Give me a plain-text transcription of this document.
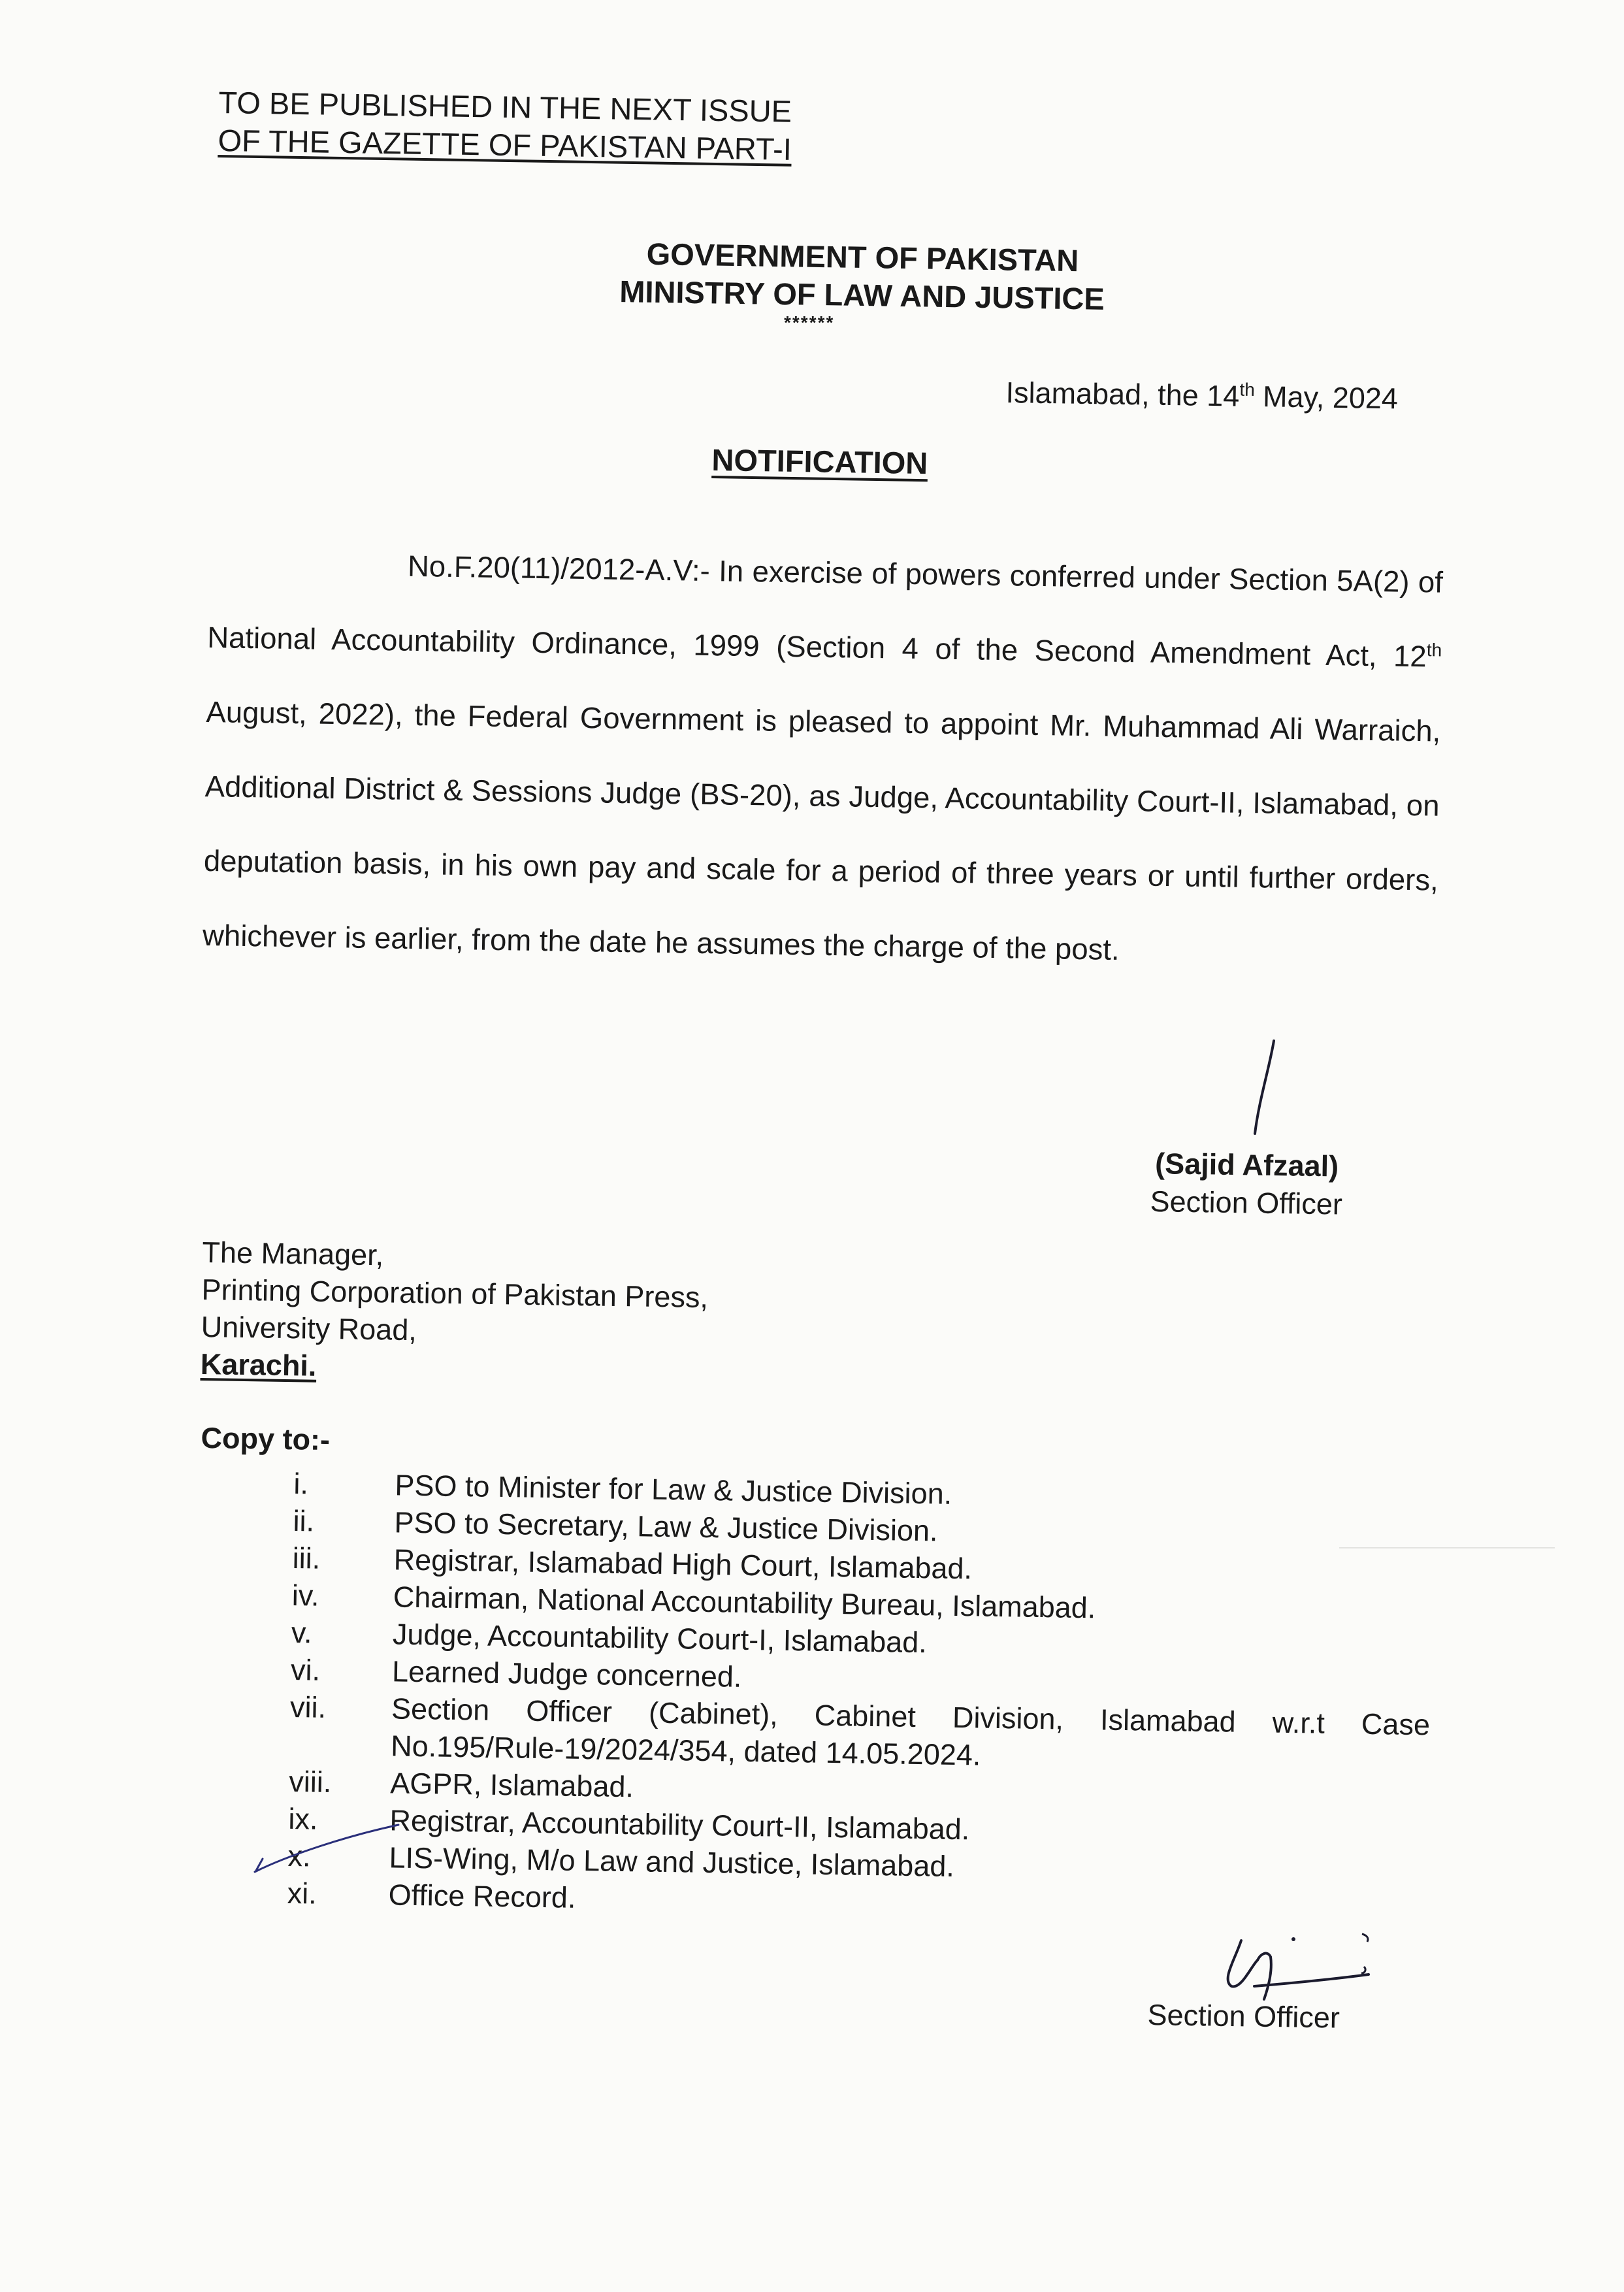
TO BE PUBLISHED IN THE NEXT ISSUE
OF THE GAZETTE OF PAKISTAN PART-I
GOVERNMENT OF PAKISTAN
MINISTRY OF LAW AND JUSTICE
******
Islamabad, the 14th May, 2024
NOTIFICATION
No.F.20(11)/2012-A.V:- In exercise of powers conferred under Section 5A(2) of National Accountability Ordinance, 1999 (Section 4 of the Second Amendment Act, 12th August, 2022), the Federal Government is pleased to appoint Mr. Muhammad Ali Warraich, Additional District & Sessions Judge (BS-20), as Judge, Accountability Court-II, Islamabad, on deputation basis, in his own pay and scale for a period of three years or until further orders, whichever is earlier, from the date he assumes the charge of the post.
(Sajid Afzaal)
Section Officer
The Manager,
Printing Corporation of Pakistan Press,
University Road,
Karachi.
Copy to:-
i.	PSO to Minister for Law & Justice Division.
ii.	PSO to Secretary, Law & Justice Division.
iii.	Registrar, Islamabad High Court, Islamabad.
iv.	Chairman, National Accountability Bureau, Islamabad.
v.	Judge, Accountability Court-I, Islamabad.
vi.	Learned Judge concerned.
vii.	Section Officer (Cabinet), Cabinet Division, Islamabad w.r.t Case
No.195/Rule-19/2024/354, dated 14.05.2024.
viii.	AGPR, Islamabad.
ix.	Registrar, Accountability Court-II, Islamabad.
x.	LIS-Wing, M/o Law and Justice, Islamabad.
xi.	Office Record.
Section Officer
